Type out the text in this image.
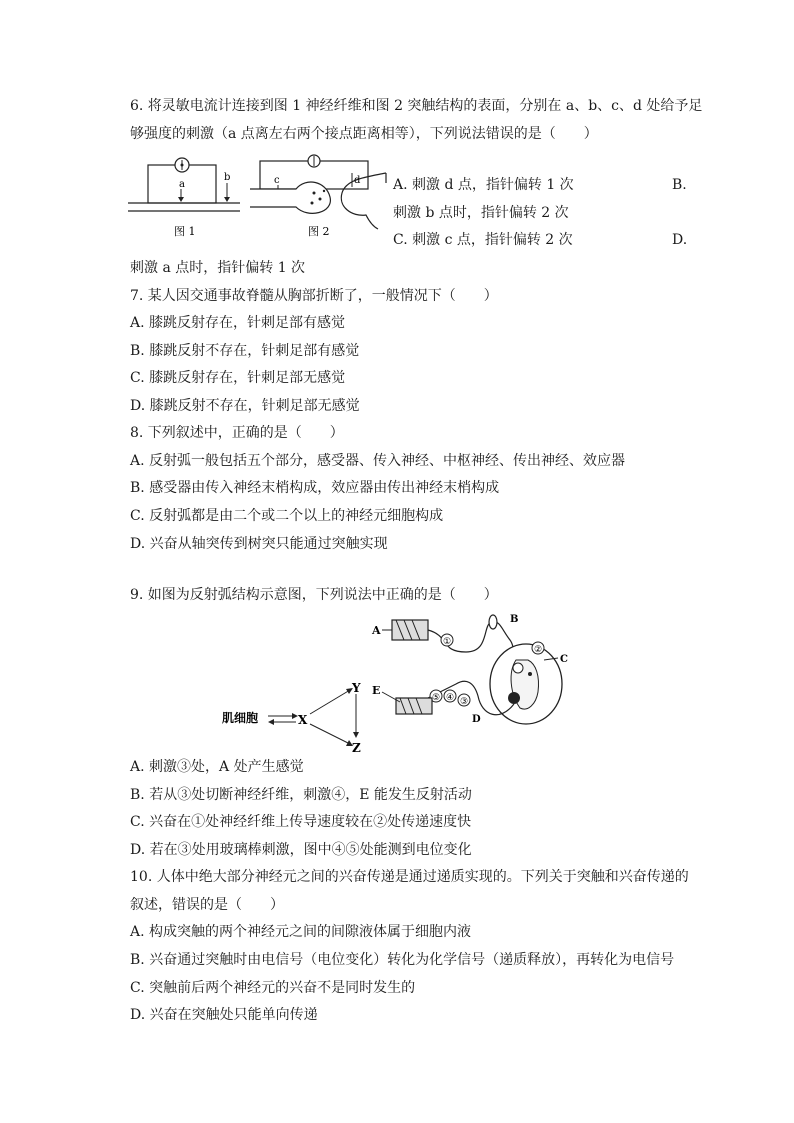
6. 将灵敏电流计连接到图 1 神经纤维和图 2 突触结构的表面，分别在 a、b、c、d 处给予足
够强度的刺激（a 点离左右两个接点距离相等），下列说法错误的是（　　）
a
b
图 1
c	d
图 2
A. 刺激 d 点，指针偏转 1 次	B.
刺激 b 点时，指针偏转 2 次
C. 刺激 c 点，指针偏转 2 次	D.
刺激 a 点时，指针偏转 1 次
7. 某人因交通事故脊髓从胸部折断了，一般情况下（　　）
A. 膝跳反射存在，针刺足部有感觉
B. 膝跳反射不存在，针刺足部有感觉
C. 膝跳反射存在，针刺足部无感觉
D. 膝跳反射不存在，针刺足部无感觉
8. 下列叙述中，正确的是（　　）
A. 反射弧一般包括五个部分，感受器、传入神经、中枢神经、传出神经、效应器
B. 感受器由传入神经末梢构成，效应器由传出神经末梢构成
C. 反射弧都是由二个或二个以上的神经元细胞构成
D. 兴奋从轴突传到树突只能通过突触实现
9. 如图为反射弧结构示意图，下列说法中正确的是（　　）
A
①
B
②
C
D
③
④
⑤
E
肌细胞	X
Y
Z
A. 刺激③处，A 处产生感觉
B. 若从③处切断神经纤维，刺激④，E 能发生反射活动
C. 兴奋在①处神经纤维上传导速度较在②处传递速度快
D. 若在③处用玻璃棒刺激，图中④⑤处能测到电位变化
10. 人体中绝大部分神经元之间的兴奋传递是通过递质实现的。下列关于突触和兴奋传递的
叙述，错误的是（　　）
A. 构成突触的两个神经元之间的间隙液体属于细胞内液
B. 兴奋通过突触时由电信号（电位变化）转化为化学信号（递质释放），再转化为电信号
C. 突触前后两个神经元的兴奋不是同时发生的
D. 兴奋在突触处只能单向传递
